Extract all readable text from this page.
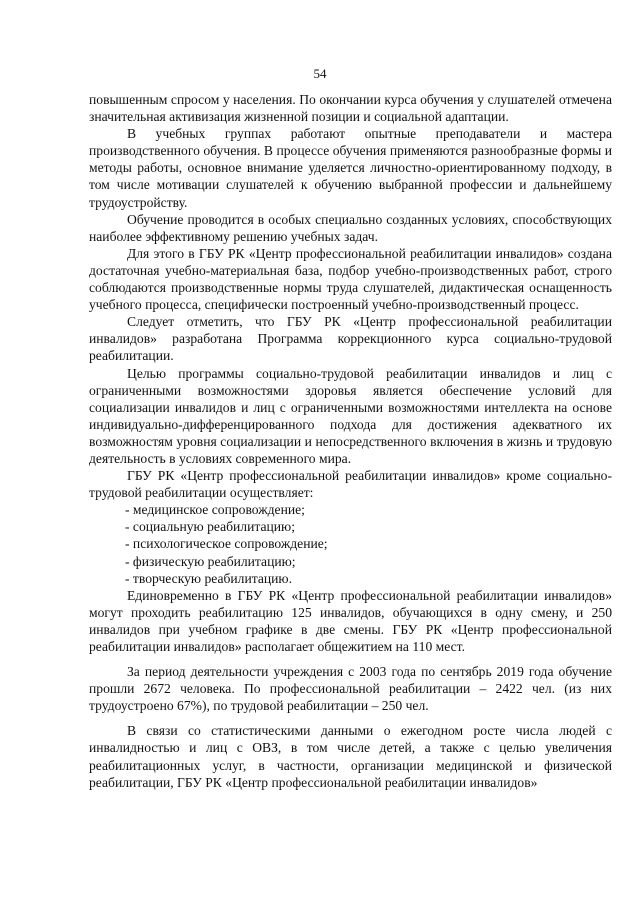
54

повышенным спросом у населения. По окончании курса обучения у слушателей отмечена значительная активизация жизненной позиции и социальной адаптации.

В учебных группах работают опытные преподаватели и мастера производственного обучения. В процессе обучения применяются разнообразные формы и методы работы, основное внимание уделяется личностно-ориентированному подходу, в том числе мотивации слушателей к обучению выбранной профессии и дальнейшему трудоустройству.

Обучение проводится в особых специально созданных условиях, способствующих наиболее эффективному решению учебных задач.

Для этого в ГБУ РК «Центр профессиональной реабилитации инвалидов» создана достаточная учебно-материальная база, подбор учебно-производственных работ, строго соблюдаются производственные нормы труда слушателей, дидактическая оснащенность учебного процесса, специфически построенный учебно-производственный процесс.

Следует отметить, что ГБУ РК «Центр профессиональной реабилитации инвалидов» разработана Программа коррекционного курса социально-трудовой реабилитации.

Целью программы социально-трудовой реабилитации инвалидов и лиц с ограниченными возможностями здоровья является обеспечение условий для социализации инвалидов и лиц с ограниченными возможностями интеллекта на основе индивидуально-дифференцированного подхода для достижения адекватного их возможностям уровня социализации и непосредственного включения в жизнь и трудовую деятельность в условиях современного мира.

ГБУ РК «Центр профессиональной реабилитации инвалидов» кроме социально-трудовой реабилитации осуществляет:

- медицинское сопровождение;
- социальную реабилитацию;
- психологическое сопровождение;
- физическую реабилитацию;
- творческую реабилитацию.

Единовременно в ГБУ РК «Центр профессиональной реабилитации инвалидов» могут проходить реабилитацию 125 инвалидов, обучающихся в одну смену, и 250 инвалидов при учебном графике в две смены. ГБУ РК «Центр профессиональной реабилитации инвалидов» располагает общежитием на 110 мест.

За период деятельности учреждения с 2003 года по сентябрь 2019 года обучение прошли 2672 человека. По профессиональной реабилитации – 2422 чел. (из них трудоустроено 67%), по трудовой реабилитации – 250 чел.

В связи со статистическими данными о ежегодном росте числа людей с инвалидностью и лиц с ОВЗ, в том числе детей, а также с целью увеличения реабилитационных услуг, в частности, организации медицинской и физической реабилитации, ГБУ РК «Центр профессиональной реабилитации инвалидов»
